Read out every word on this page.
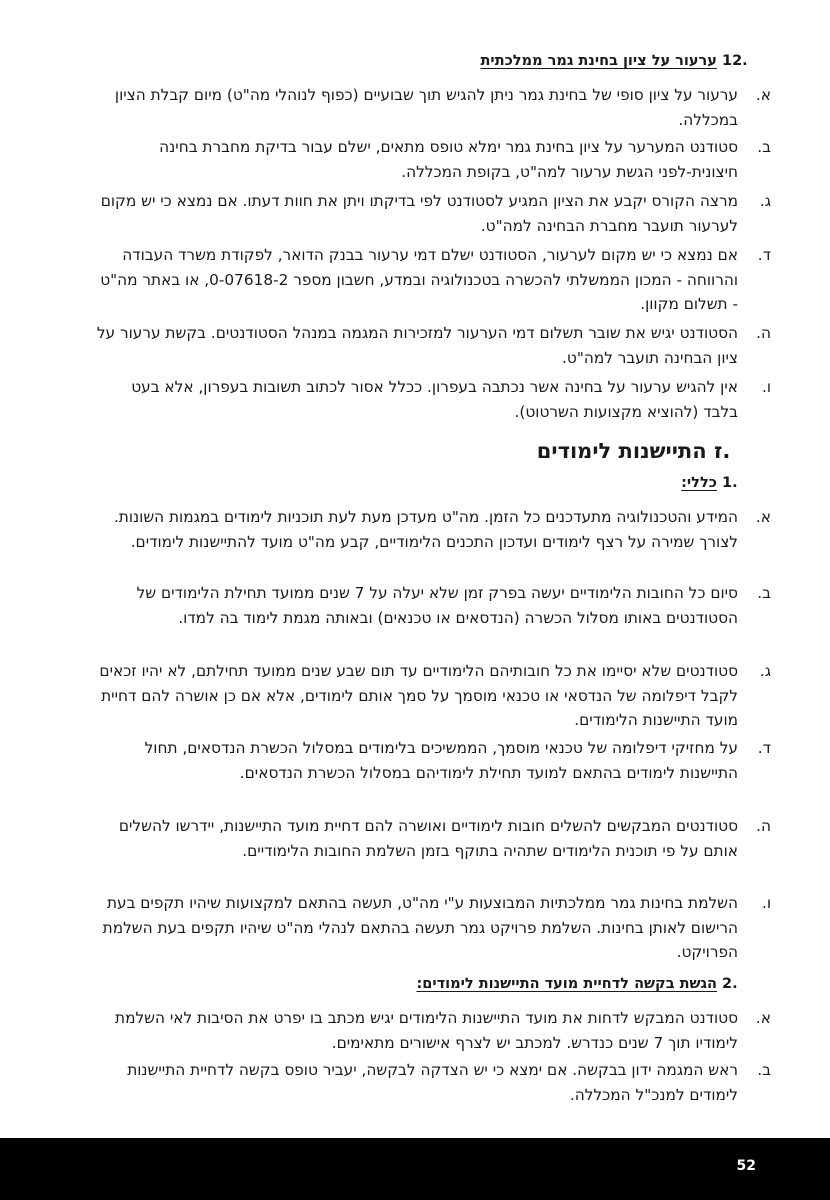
12. ערעור על ציון בחינת גמר ממלכתית
א.
ערעור על ציון סופי של בחינת גמר ניתן להגיש תוך שבועיים (כפוף לנוהלי מה"ט) מיום קבלת הציון במכללה.
ב.
סטודנט המערער על ציון בחינת גמר ימלא טופס מתאים, ישלם עבור בדיקת מחברת בחינה חיצונית-לפני הגשת ערעור למה"ט, בקופת המכללה.
ג.
מרצה הקורס יקבע את הציון המגיע לסטודנט לפי בדיקתו ויתן את חוות דעתו. אם נמצא כי יש מקום לערעור תועבר מחברת הבחינה למה"ט.
ד.
אם נמצא כי יש מקום לערעור, הסטודנט ישלם דמי ערעור בבנק הדואר, לפקודת משרד העבודה והרווחה - המכון הממשלתי להכשרה בטכנולוגיה ובמדע, חשבון מספר 0-07618-2, או באתר מה"ט - תשלום מקוון.
ה.
הסטודנט יגיש את שובר תשלום דמי הערעור למזכירות המגמה במנהל הסטודנטים. בקשת ערעור על ציון הבחינה תועבר למה"ט.
ו.
אין להגיש ערעור על בחינה אשר נכתבה בעפרון. ככלל אסור לכתוב תשובות בעפרון, אלא בעט בלבד (להוציא מקצועות השרטוט).
ז. התיישנות לימודים
1. כללי:
א.
המידע והטכנולוגיה מתעדכנים כל הזמן. מה"ט מעדכן מעת לעת תוכניות לימודים במגמות השונות. לצורך שמירה על רצף לימודים ועדכון התכנים הלימודיים, קבע מה"ט מועד להתיישנות לימודים.
ב.
סיום כל החובות הלימודיים יעשה בפרק זמן שלא יעלה על 7 שנים ממועד תחילת הלימודים של הסטודנטים באותו מסלול הכשרה (הנדסאים או טכנאים) ובאותה מגמת לימוד בה למדו.
ג.
סטודנטים שלא יסיימו את כל חובותיהם הלימודיים עד תום שבע שנים ממועד תחילתם, לא יהיו זכאים לקבל דיפלומה של הנדסאי או טכנאי מוסמך על סמך אותם לימודים, אלא אם כן אושרה להם דחיית מועד התיישנות הלימודים.
ד.
על מחזיקי דיפלומה של טכנאי מוסמך, הממשיכים בלימודים במסלול הכשרת הנדסאים, תחול התיישנות לימודים בהתאם למועד תחילת לימודיהם במסלול הכשרת הנדסאים.
ה.
סטודנטים המבקשים להשלים חובות לימודיים ואושרה להם דחיית מועד התיישנות, יידרשו להשלים אותם על פי תוכנית הלימודים שתהיה בתוקף בזמן השלמת החובות הלימודיים.
ו.
השלמת בחינות גמר ממלכתיות המבוצעות ע"י מה"ט, תעשה בהתאם למקצועות שיהיו תקפים בעת הרישום לאותן בחינות. השלמת פרויקט גמר תעשה בהתאם לנהלי מה"ט שיהיו תקפים בעת השלמת הפרויקט.
2. הגשת בקשה לדחיית מועד התיישנות לימודים:
א.
סטודנט המבקש לדחות את מועד התיישנות הלימודים יגיש מכתב בו יפרט את הסיבות לאי השלמת לימודיו תוך 7 שנים כנדרש. למכתב יש לצרף אישורים מתאימים.
ב.
ראש המגמה ידון בבקשה. אם ימצא כי יש הצדקה לבקשה, יעביר טופס בקשה לדחיית התיישנות לימודים למנכ"ל המכללה.
52
